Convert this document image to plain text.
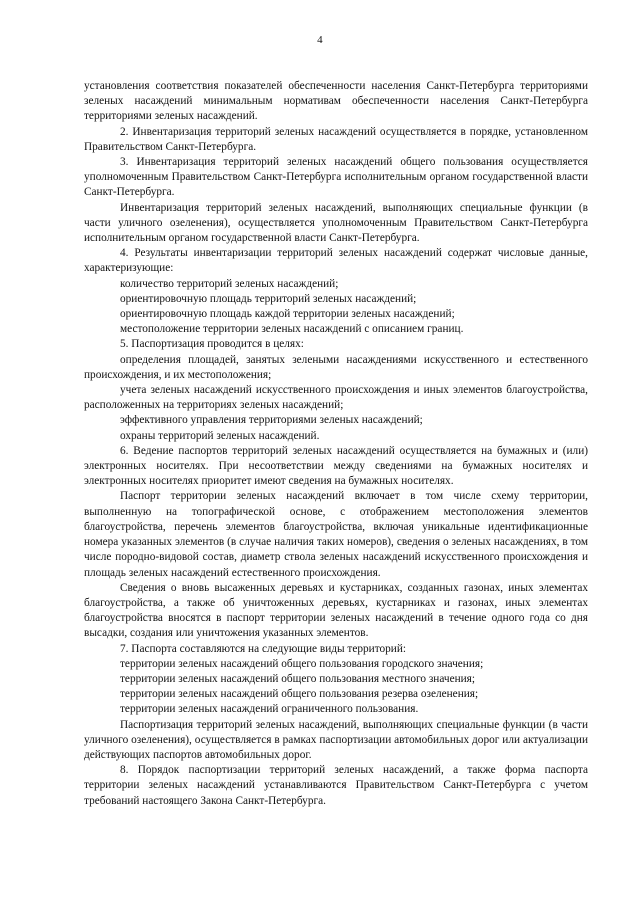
4

установления соответствия показателей обеспеченности населения Санкт-Петербурга территориями зеленых насаждений минимальным нормативам обеспеченности населения Санкт-Петербурга территориями зеленых насаждений.

2. Инвентаризация территорий зеленых насаждений осуществляется в порядке, установленном Правительством Санкт-Петербурга.

3. Инвентаризация территорий зеленых насаждений общего пользования осуществляется уполномоченным Правительством Санкт-Петербурга исполнительным органом государственной власти Санкт-Петербурга.

Инвентаризация территорий зеленых насаждений, выполняющих специальные функции (в части уличного озеленения), осуществляется уполномоченным Правительством Санкт-Петербурга исполнительным органом государственной власти Санкт-Петербурга.

4. Результаты инвентаризации территорий зеленых насаждений содержат числовые данные, характеризующие:

количество территорий зеленых насаждений;

ориентировочную площадь территорий зеленых насаждений;

ориентировочную площадь каждой территории зеленых насаждений;

местоположение территории зеленых насаждений с описанием границ.

5. Паспортизация проводится в целях:

определения площадей, занятых зелеными насаждениями искусственного и естественного происхождения, и их местоположения;

учета зеленых насаждений искусственного происхождения и иных элементов благоустройства, расположенных на территориях зеленых насаждений;

эффективного управления территориями зеленых насаждений;

охраны территорий зеленых насаждений.

6. Ведение паспортов территорий зеленых насаждений осуществляется на бумажных и (или) электронных носителях. При несоответствии между сведениями на бумажных носителях и электронных носителях приоритет имеют сведения на бумажных носителях.

Паспорт территории зеленых насаждений включает в том числе схему территории, выполненную на топографической основе, с отображением местоположения элементов благоустройства, перечень элементов благоустройства, включая уникальные идентификационные номера указанных элементов (в случае наличия таких номеров), сведения о зеленых насаждениях, в том числе породно-видовой состав, диаметр ствола зеленых насаждений искусственного происхождения и площадь зеленых насаждений естественного происхождения.

Сведения о вновь высаженных деревьях и кустарниках, созданных газонах, иных элементах благоустройства, а также об уничтоженных деревьях, кустарниках и газонах, иных элементах благоустройства вносятся в паспорт территории зеленых насаждений в течение одного года со дня высадки, создания или уничтожения указанных элементов.

7. Паспорта составляются на следующие виды территорий:

территории зеленых насаждений общего пользования городского значения;

территории зеленых насаждений общего пользования местного значения;

территории зеленых насаждений общего пользования резерва озеленения;

территории зеленых насаждений ограниченного пользования.

Паспортизация территорий зеленых насаждений, выполняющих специальные функции (в части уличного озеленения), осуществляется в рамках паспортизации автомобильных дорог или актуализации действующих паспортов автомобильных дорог.

8. Порядок паспортизации территорий зеленых насаждений, а также форма паспорта территории зеленых насаждений устанавливаются Правительством Санкт-Петербурга с учетом требований настоящего Закона Санкт-Петербурга.
